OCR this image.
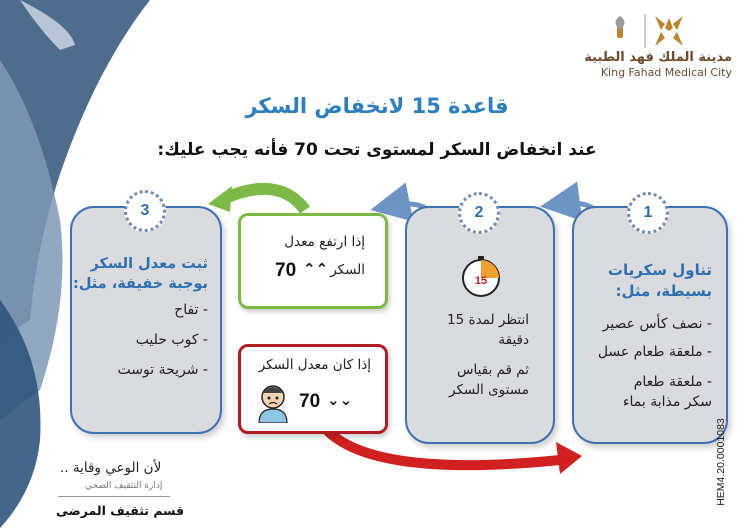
مدينة الملك فهد الطبية
King Fahad Medical City
قاعدة 15 لانخفاض السكر
عند انخفاض السكر لمستوى تحت 70 فأنه يجب عليك:
تناول سكريات بسيطة، مثل:
- نصف كأس عصير
- ملعقة طعام عسل
- ملعقة طعام
سكر مذابة بماء
1
15
انتظر لمدة 15
دقيقة
ثم قم بقياس
مستوى السكر
2
ثبت معدل السكر
بوجبة خفيفة، مثل:
- تفاح
- كوب حليب
- شريحة توست
3
إذا ارتفع معدل
السكر
⌃⌃
70
إذا كان معدل السكر
70 ⌄⌄
لأن الوعي وقاية ..
إدارة التثقيف الصحي
قسم تثقيف المرضى
HEM4.20.0001083
